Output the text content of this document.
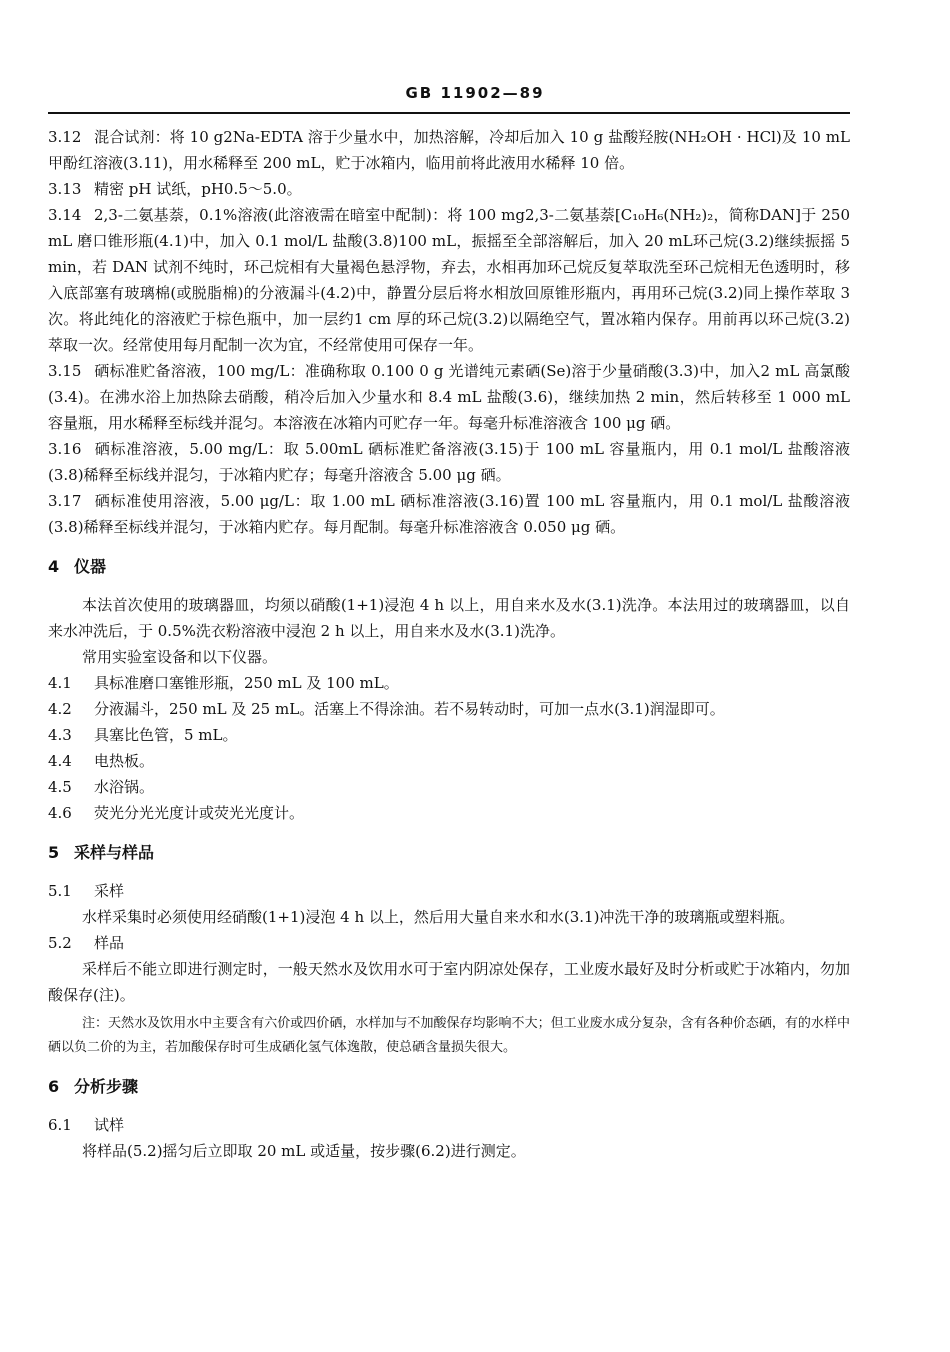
GB 11902—89

3.12 混合试剂：将 10 g2Na-EDTA 溶于少量水中，加热溶解，冷却后加入 10 g 盐酸羟胺(NH₂OH · HCl)及 10 mL 甲酚红溶液(3.11)，用水稀释至 200 mL，贮于冰箱内，临用前将此液用水稀释 10 倍。

3.13 精密 pH 试纸，pH0.5～5.0。

3.14 2,3-二氨基萘，0.1%溶液(此溶液需在暗室中配制)：将 100 mg2,3-二氨基萘[C₁₀H₆(NH₂)₂，简称DAN]于 250 mL 磨口锥形瓶(4.1)中，加入 0.1 mol/L 盐酸(3.8)100 mL，振摇至全部溶解后，加入 20 mL环己烷(3.2)继续振摇 5 min，若 DAN 试剂不纯时，环己烷相有大量褐色悬浮物，弃去，水相再加环己烷反复萃取洗至环己烷相无色透明时，移入底部塞有玻璃棉(或脱脂棉)的分液漏斗(4.2)中，静置分层后将水相放回原锥形瓶内，再用环己烷(3.2)同上操作萃取 3 次。将此纯化的溶液贮于棕色瓶中，加一层约1 cm 厚的环己烷(3.2)以隔绝空气，置冰箱内保存。用前再以环己烷(3.2)萃取一次。经常使用每月配制一次为宜，不经常使用可保存一年。

3.15 硒标准贮备溶液，100 mg/L：准确称取 0.100 0 g 光谱纯元素硒(Se)溶于少量硝酸(3.3)中，加入2 mL 高氯酸(3.4)。在沸水浴上加热除去硝酸，稍冷后加入少量水和 8.4 mL 盐酸(3.6)，继续加热 2 min，然后转移至 1 000 mL 容量瓶，用水稀释至标线并混匀。本溶液在冰箱内可贮存一年。每毫升标准溶液含 100 μg 硒。

3.16 硒标准溶液，5.00 mg/L：取 5.00mL 硒标准贮备溶液(3.15)于 100 mL 容量瓶内，用 0.1 mol/L 盐酸溶液(3.8)稀释至标线并混匀，于冰箱内贮存；每毫升溶液含 5.00 μg 硒。

3.17 硒标准使用溶液，5.00 μg/L：取 1.00 mL 硒标准溶液(3.16)置 100 mL 容量瓶内，用 0.1 mol/L 盐酸溶液(3.8)稀释至标线并混匀，于冰箱内贮存。每月配制。每毫升标准溶液含 0.050 μg 硒。

4 仪器

本法首次使用的玻璃器皿，均须以硝酸(1+1)浸泡 4 h 以上，用自来水及水(3.1)洗净。本法用过的玻璃器皿，以自来水冲洗后，于 0.5%洗衣粉溶液中浸泡 2 h 以上，用自来水及水(3.1)洗净。

常用实验室设备和以下仪器。

4.1 具标准磨口塞锥形瓶，250 mL 及 100 mL。

4.2 分液漏斗，250 mL 及 25 mL。活塞上不得涂油。若不易转动时，可加一点水(3.1)润湿即可。

4.3 具塞比色管，5 mL。

4.4 电热板。

4.5 水浴锅。

4.6 荧光分光光度计或荧光光度计。

5 采样与样品

5.1 采样

水样采集时必须使用经硝酸(1+1)浸泡 4 h 以上，然后用大量自来水和水(3.1)冲洗干净的玻璃瓶或塑料瓶。

5.2 样品

采样后不能立即进行测定时，一般天然水及饮用水可于室内阴凉处保存，工业废水最好及时分析或贮于冰箱内，勿加酸保存(注)。

注：天然水及饮用水中主要含有六价或四价硒，水样加与不加酸保存均影响不大；但工业废水成分复杂，含有各种价态硒，有的水样中硒以负二价的为主，若加酸保存时可生成硒化氢气体逸散，使总硒含量损失很大。

6 分析步骤

6.1 试样

将样品(5.2)摇匀后立即取 20 mL 或适量，按步骤(6.2)进行测定。
